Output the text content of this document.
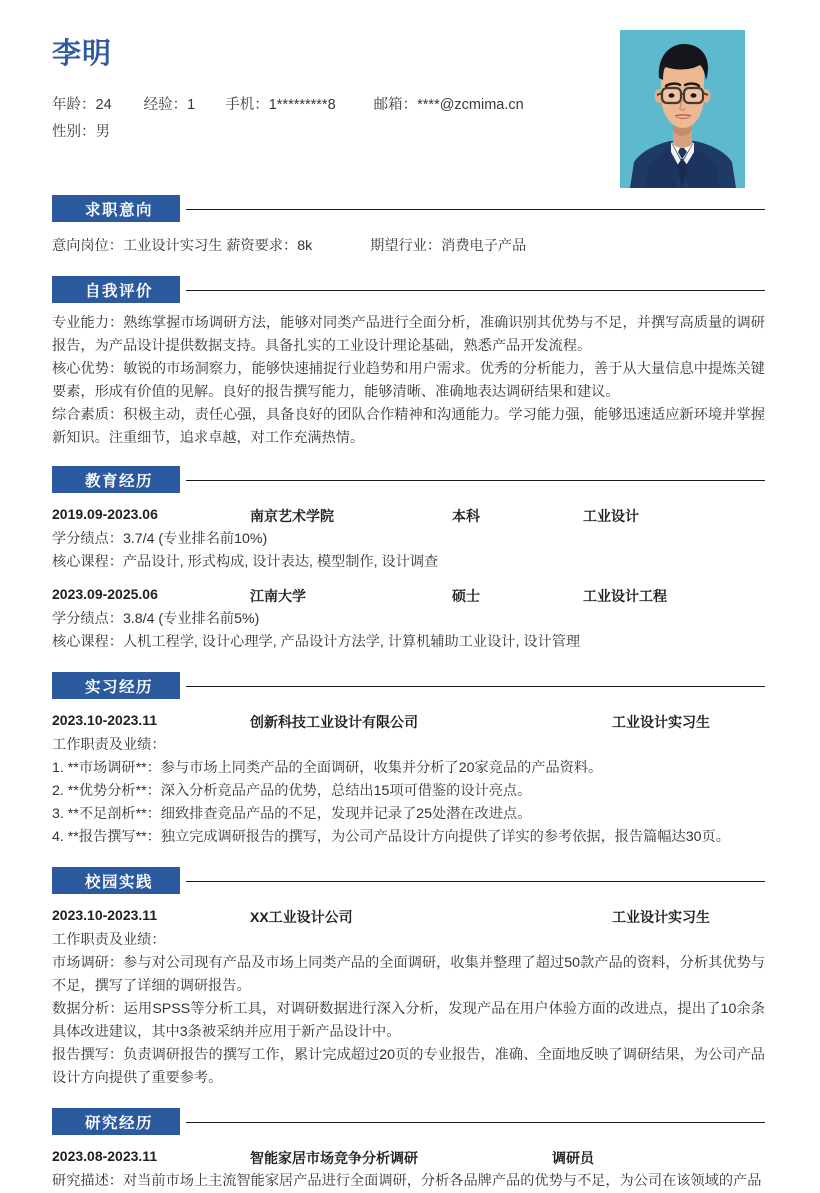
李明
年龄：24 经验：1 手机：1*********8	邮箱：****@zcmima.cn
性别：男
求职意向
意向岗位：工业设计实习生 薪资要求：8k	期望行业：消费电子产品
自我评价
专业能力：熟练掌握市场调研方法，能够对同类产品进行全面分析，准确识别其优势与不足，并撰写高质量的调研报告，为产品设计提供数据支持。具备扎实的工业设计理论基础，熟悉产品开发流程。
核心优势：敏锐的市场洞察力，能够快速捕捉行业趋势和用户需求。优秀的分析能力，善于从大量信息中提炼关键要素，形成有价值的见解。良好的报告撰写能力，能够清晰、准确地表达调研结果和建议。
综合素质：积极主动，责任心强，具备良好的团队合作精神和沟通能力。学习能力强，能够迅速适应新环境并掌握新知识。注重细节，追求卓越，对工作充满热情。
教育经历
2019.09-2023.06	南京艺术学院	本科	工业设计
学分绩点：3.7/4 (专业排名前10%)
核心课程：产品设计, 形式构成, 设计表达, 模型制作, 设计调查
2023.09-2025.06	江南大学	硕士	工业设计工程
学分绩点：3.8/4 (专业排名前5%)
核心课程：人机工程学, 设计心理学, 产品设计方法学, 计算机辅助工业设计, 设计管理
实习经历
2023.10-2023.11	创新科技工业设计有限公司	工业设计实习生
工作职责及业绩：
1. **市场调研**：参与市场上同类产品的全面调研，收集并分析了20家竞品的产品资料。
2. **优势分析**：深入分析竞品产品的优势，总结出15项可借鉴的设计亮点。
3. **不足剖析**：细致排查竞品产品的不足，发现并记录了25处潜在改进点。
4. **报告撰写**：独立完成调研报告的撰写，为公司产品设计方向提供了详实的参考依据，报告篇幅达30页。
校园实践
2023.10-2023.11	XX工业设计公司	工业设计实习生
工作职责及业绩：
市场调研：参与对公司现有产品及市场上同类产品的全面调研，收集并整理了超过50款产品的资料，分析其优势与不足，撰写了详细的调研报告。
数据分析：运用SPSS等分析工具，对调研数据进行深入分析，发现产品在用户体验方面的改进点，提出了10余条具体改进建议，其中3条被采纳并应用于新产品设计中。
报告撰写：负责调研报告的撰写工作，累计完成超过20页的专业报告，准确、全面地反映了调研结果，为公司产品设计方向提供了重要参考。
研究经历
2023.08-2023.11	智能家居市场竞争分析调研	调研员
研究描述：对当前市场上主流智能家居产品进行全面调研，分析各品牌产品的优势与不足，为公司在该领域的产品
